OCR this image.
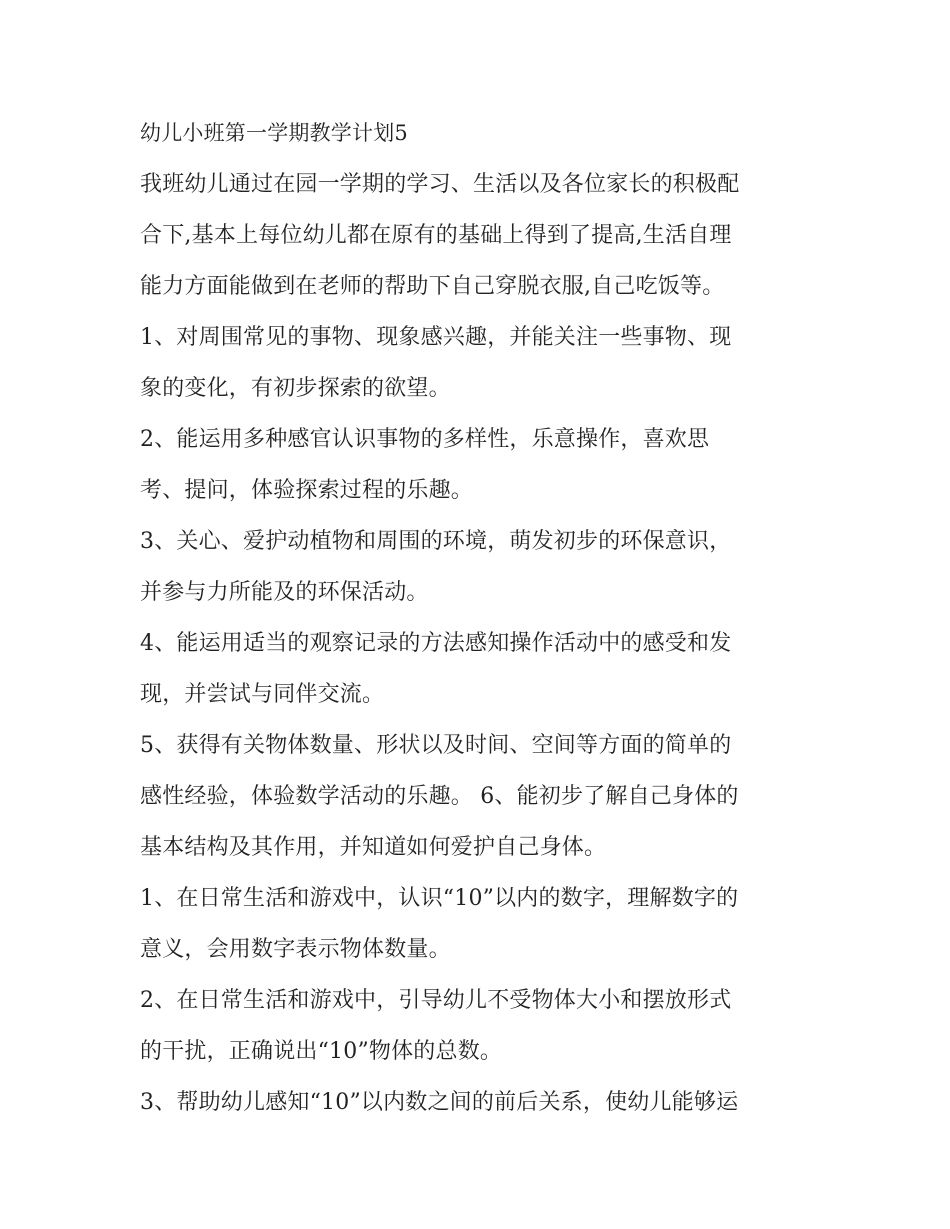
幼儿小班第一学期教学计划5
我班幼儿通过在园一学期的学习、生活以及各位家长的积极配
合下,基本上每位幼儿都在原有的基础上得到了提高,生活自理
能力方面能做到在老师的帮助下自己穿脱衣服,自己吃饭等。
1、对周围常见的事物、现象感兴趣，并能关注一些事物、现
象的变化，有初步探索的欲望。
2、能运用多种感官认识事物的多样性，乐意操作，喜欢思
考、提问，体验探索过程的乐趣。
3、关心、爱护动植物和周围的环境，萌发初步的环保意识，
并参与力所能及的环保活动。
4、能运用适当的观察记录的方法感知操作活动中的感受和发
现，并尝试与同伴交流。
5、获得有关物体数量、形状以及时间、空间等方面的简单的
感性经验，体验数学活动的乐趣。 6、能初步了解自己身体的
基本结构及其作用，并知道如何爱护自己身体。
1、在日常生活和游戏中，认识“10”以内的数字，理解数字的
意义，会用数字表示物体数量。
2、在日常生活和游戏中，引导幼儿不受物体大小和摆放形式
的干扰，正确说出“10”物体的总数。
3、帮助幼儿感知“10”以内数之间的前后关系，使幼儿能够运
